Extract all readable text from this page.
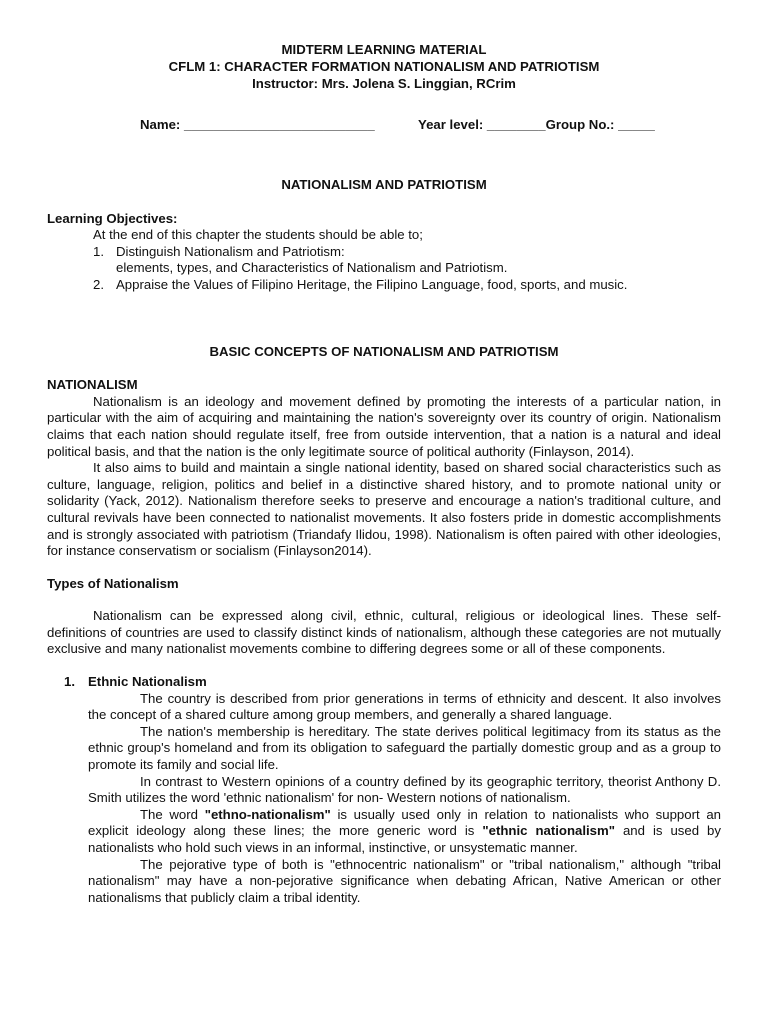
MIDTERM LEARNING MATERIAL
CFLM 1: CHARACTER FORMATION NATIONALISM AND PATRIOTISM
Instructor: Mrs. Jolena S. Linggian, RCrim
Name: __________________________	Year level: ________Group No.: _____
NATIONALISM AND PATRIOTISM
Learning Objectives:
At the end of this chapter the students should be able to;
1. Distinguish Nationalism and Patriotism:
elements, types, and Characteristics of Nationalism and Patriotism.
2. Appraise the Values of Filipino Heritage, the Filipino Language, food, sports, and music.
BASIC CONCEPTS OF NATIONALISM AND PATRIOTISM
NATIONALISM
Nationalism is an ideology and movement defined by promoting the interests of a particular nation, in particular with the aim of acquiring and maintaining the nation's sovereignty over its country of origin. Nationalism claims that each nation should regulate itself, free from outside intervention, that a nation is a natural and ideal political basis, and that the nation is the only legitimate source of political authority (Finlayson, 2014).
It also aims to build and maintain a single national identity, based on shared social characteristics such as culture, language, religion, politics and belief in a distinctive shared history, and to promote national unity or solidarity (Yack, 2012). Nationalism therefore seeks to preserve and encourage a nation's traditional culture, and cultural revivals have been connected to nationalist movements. It also fosters pride in domestic accomplishments and is strongly associated with patriotism (Triandafy Ilidou, 1998). Nationalism is often paired with other ideologies, for instance conservatism or socialism (Finlayson2014).
Types of Nationalism
Nationalism can be expressed along civil, ethnic, cultural, religious or ideological lines. These self-definitions of countries are used to classify distinct kinds of nationalism, although these categories are not mutually exclusive and many nationalist movements combine to differing degrees some or all of these components.
1. Ethnic Nationalism
The country is described from prior generations in terms of ethnicity and descent. It also involves the concept of a shared culture among group members, and generally a shared language.
The nation's membership is hereditary. The state derives political legitimacy from its status as the ethnic group's homeland and from its obligation to safeguard the partially domestic group and as a group to promote its family and social life.
In contrast to Western opinions of a country defined by its geographic territory, theorist Anthony D. Smith utilizes the word 'ethnic nationalism' for non- Western notions of nationalism.
The word "ethno-nationalism" is usually used only in relation to nationalists who support an explicit ideology along these lines; the more generic word is "ethnic nationalism" and is used by nationalists who hold such views in an informal, instinctive, or unsystematic manner.
The pejorative type of both is "ethnocentric nationalism" or "tribal nationalism," although "tribal nationalism" may have a non-pejorative significance when debating African, Native American or other nationalisms that publicly claim a tribal identity.
